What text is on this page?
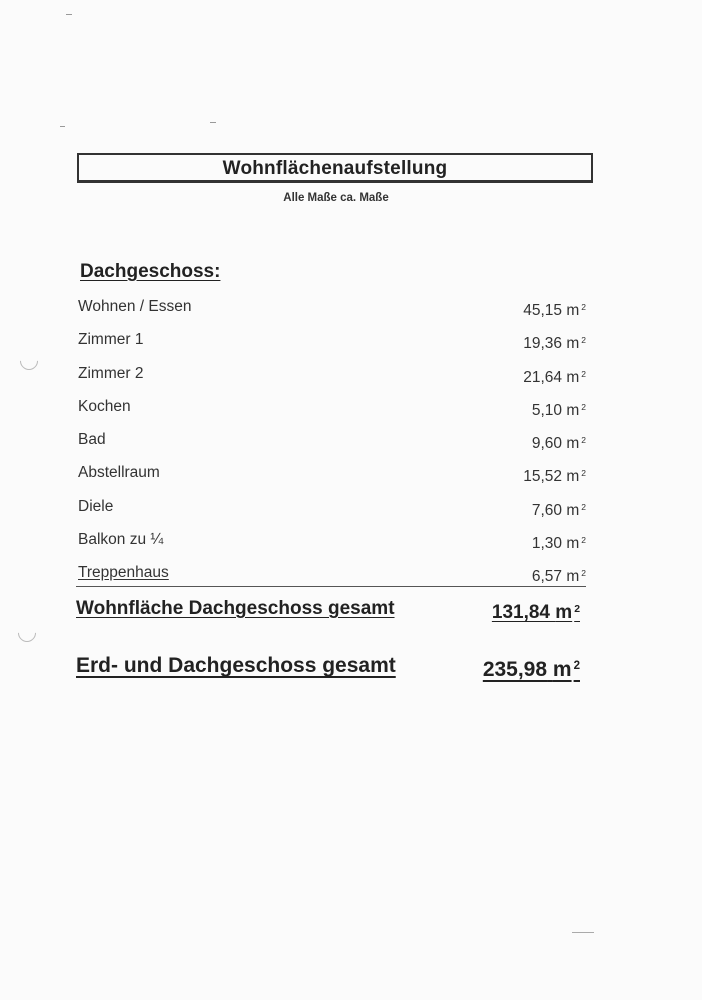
Wohnflächenaufstellung
Alle Maße ca. Maße
Dachgeschoss:
Wohnen / Essen	45,15 m $^2$
Zimmer 1	19,36 m $^2$
Zimmer 2	21,64 m $^2$
Kochen	5,10 m $^2$
Bad	9,60 m $^2$
Abstellraum	15,52 m $^2$
Diele	7,60 m $^2$
Balkon zu ¼	1,30 m $^2$
Treppenhaus	6,57 m $^2$
Wohnfläche Dachgeschoss gesamt	131,84 m $^2$
Erd- und Dachgeschoss gesamt	235,98 m $^2$
